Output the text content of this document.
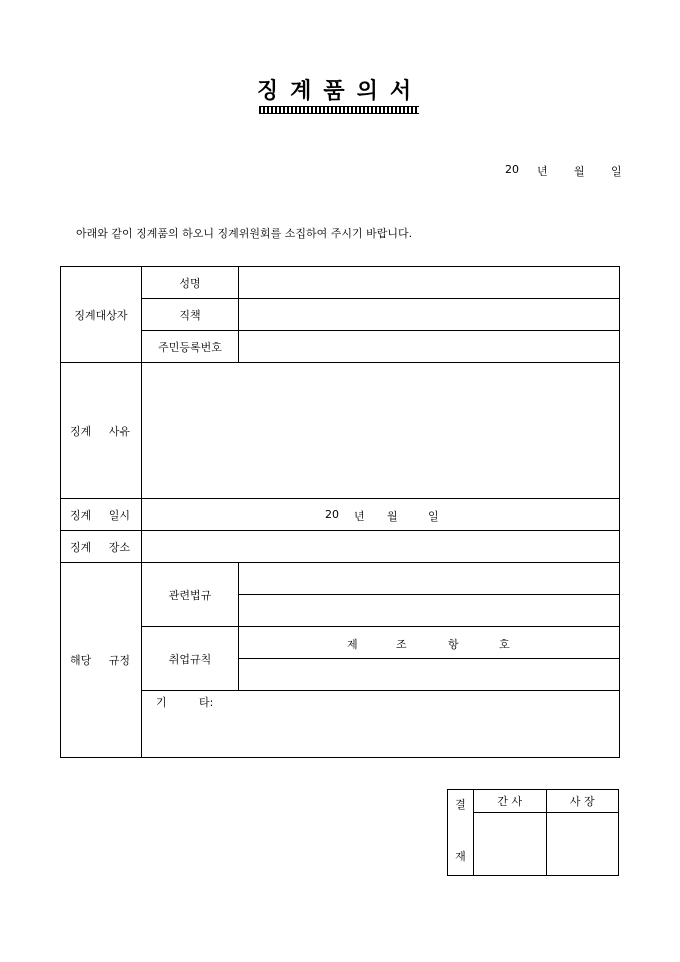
징계품의서
20 년 월 일
아래와 같이 징계품의 하오니 징계위원회를 소집하여 주시기 바랍니다.
징계대상자	성명	
	직책	
	주민등록번호	
징계 사유		
징계 일시	20 년 월 일	

징계 장소		
해당 규정	관련법규	

	취업규칙	제 조 항 호

	기 타:	
결
재	간 사	사 장
